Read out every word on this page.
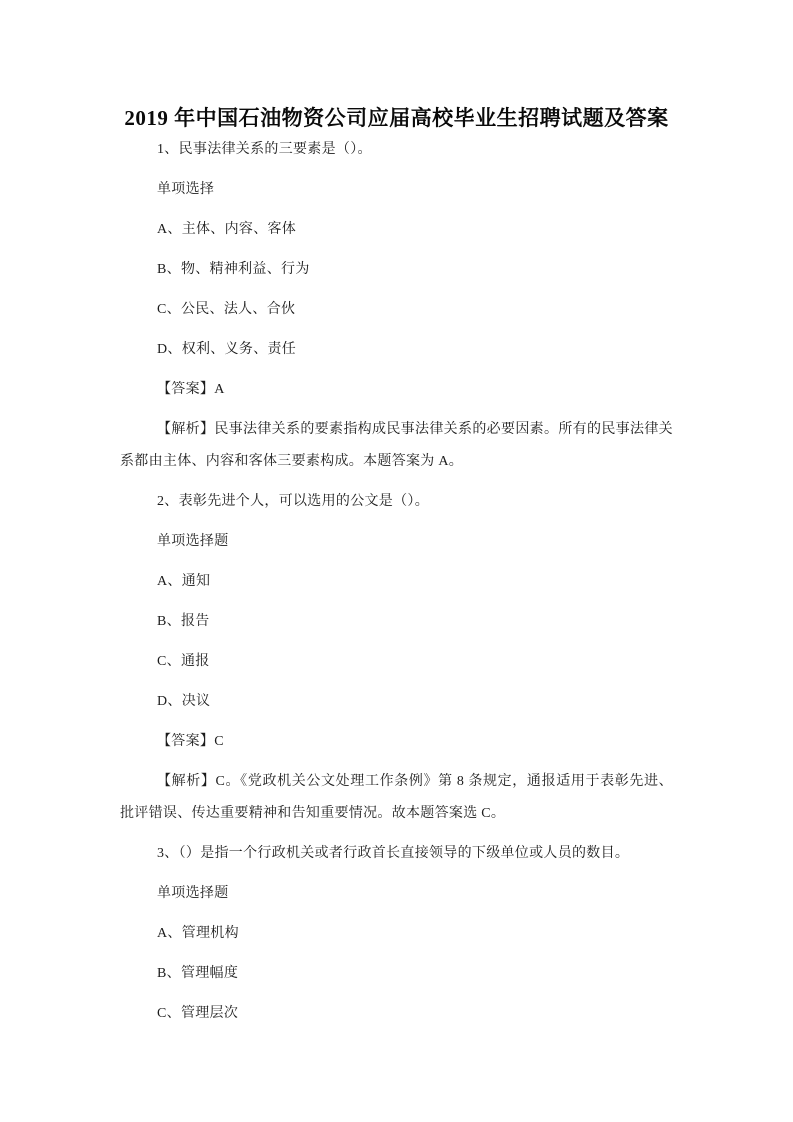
2019 年中国石油物资公司应届高校毕业生招聘试题及答案

1、民事法律关系的三要素是（）。

单项选择

A、主体、内容、客体

B、物、精神利益、行为

C、公民、法人、合伙

D、权利、义务、责任

【答案】A

【解析】民事法律关系的要素指构成民事法律关系的必要因素。所有的民事法律关系都由主体、内容和客体三要素构成。本题答案为 A。

2、表彰先进个人，可以选用的公文是（）。

单项选择题

A、通知

B、报告

C、通报

D、决议

【答案】C

【解析】C。《党政机关公文处理工作条例》第 8 条规定，通报适用于表彰先进、批评错误、传达重要精神和告知重要情况。故本题答案选 C。

3、（）是指一个行政机关或者行政首长直接领导的下级单位或人员的数目。

单项选择题

A、管理机构

B、管理幅度

C、管理层次
